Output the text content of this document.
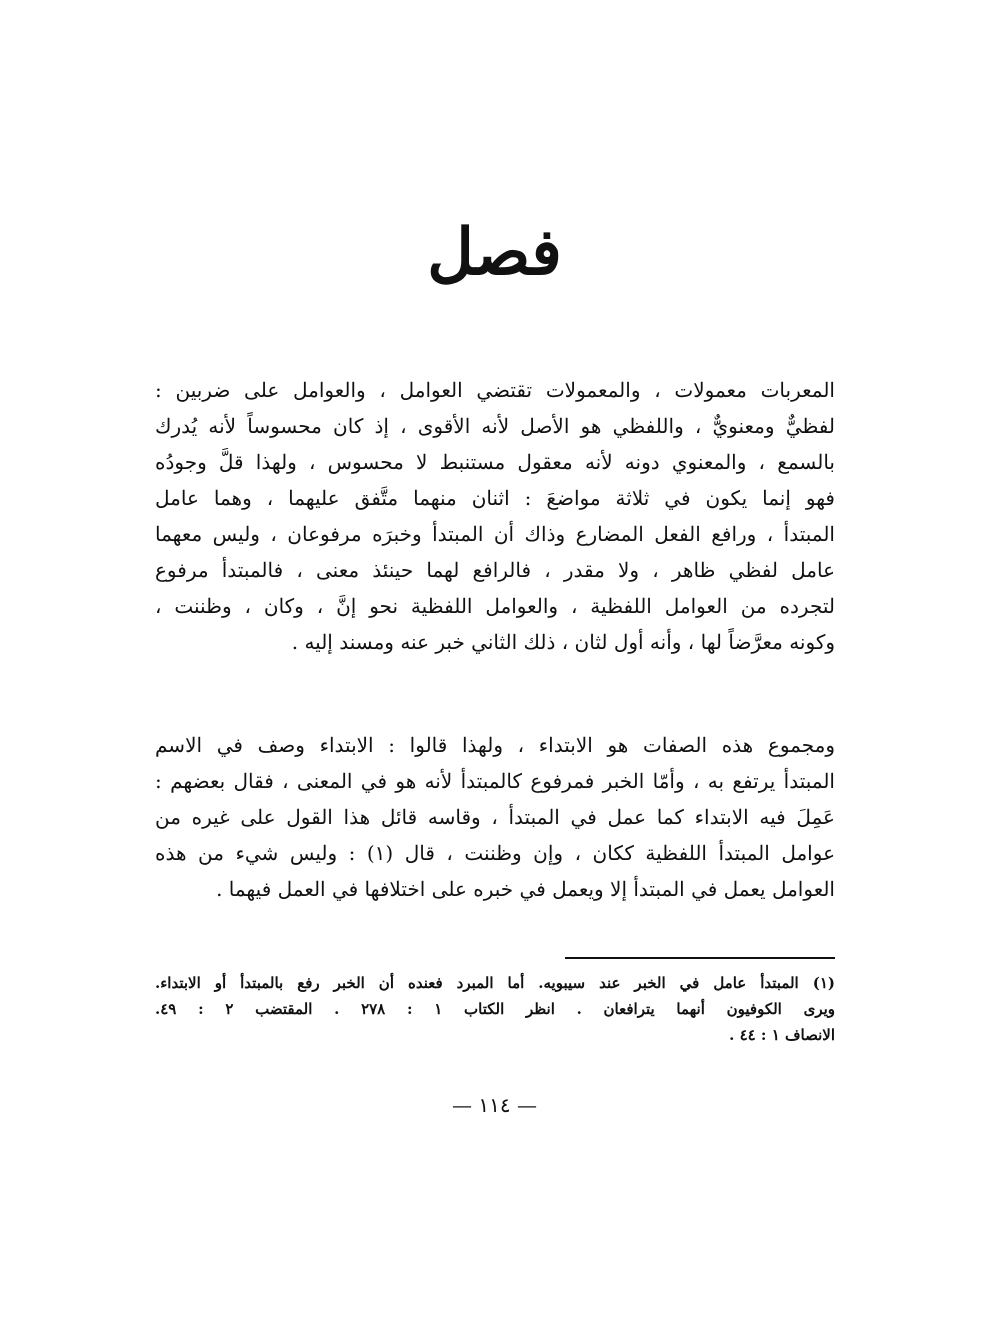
فصل
المعربات معمولات ، والمعمولات تقتضي العوامل ، والعوامل على ضربين :
لفظيٌّ ومعنويٌّ ، واللفظي هو الأصل لأنه الأقوى ، إذ كان محسوساً لأنه يُدرك
بالسمع ، والمعنوي دونه لأنه معقول مستنبط لا محسوس ، ولهذا قلَّ وجودُه
فهو إنما يكون في ثلاثة مواضعَ : اثنان منهما متَّفق عليهما ، وهما عامل
المبتدأ ، ورافع الفعل المضارع وذاك أن المبتدأ وخبرَه مرفوعان ، وليس معهما
عامل لفظي ظاهر ، ولا مقدر ، فالرافع لهما حينئذ معنى ، فالمبتدأ مرفوع
لتجرده من العوامل اللفظية ، والعوامل اللفظية نحو إنَّ ، وكان ، وظننت ،
وكونه معرَّضاً لها ، وأنه أول لثان ، ذلك الثاني خبر عنه ومسند إليه .
ومجموع هذه الصفات هو الابتداء ، ولهذا قالوا : الابتداء وصف في الاسم
المبتدأ يرتفع به ، وأمّا الخبر فمرفوع كالمبتدأ لأنه هو في المعنى ، فقال بعضهم :
عَمِلَ فيه الابتداء كما عمل في المبتدأ ، وقاسه قائل هذا القول على غيره من
عوامل المبتدأ اللفظية ككان ، وإن وظننت ، قال (١) : وليس شيء من هذه
العوامل يعمل في المبتدأ إلا ويعمل في خبره على اختلافها في العمل فيهما .
(١) المبتدأ عامل في الخبر عند سيبويه. أما المبرد فعنده أن الخبر رفع بالمبتدأ أو الابتداء.
ويرى الكوفيون أنهما يترافعان . انظر الكتاب ١ : ٢٧٨ . المقتضب ٢ : ٤٩.
الانصاف ١ : ٤٤ .
— ١١٤ —
